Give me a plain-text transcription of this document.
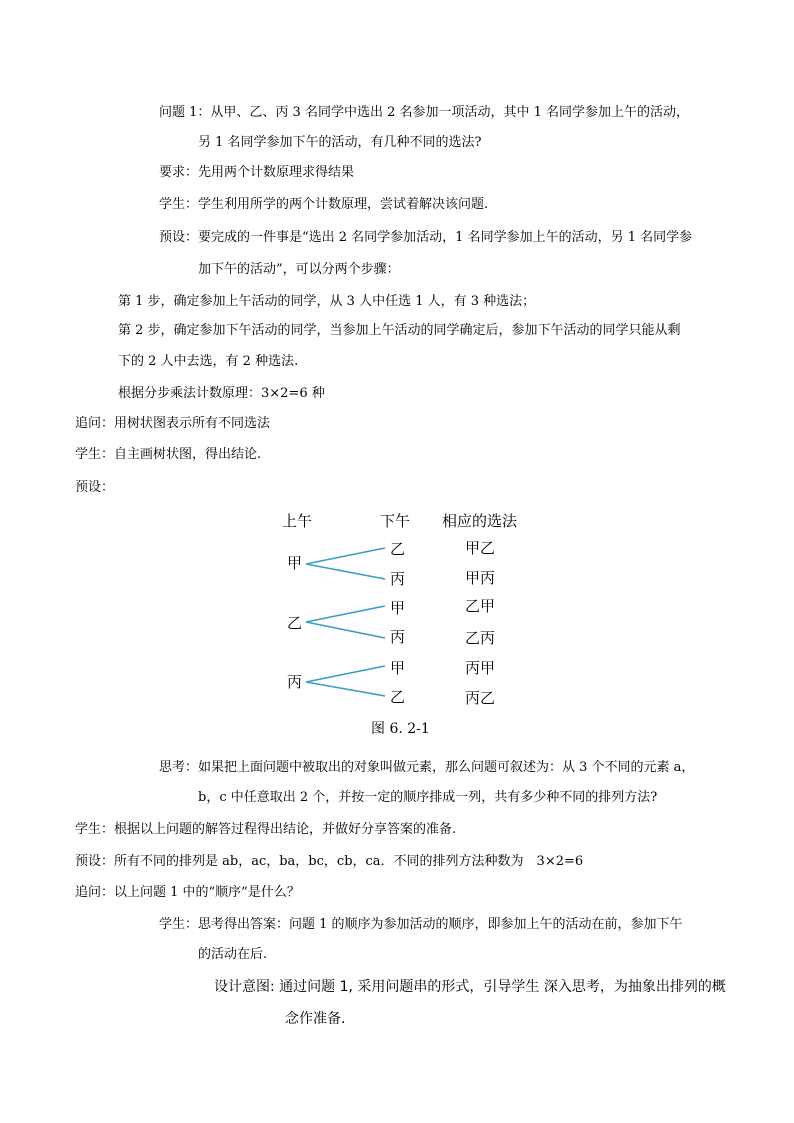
问题 1：从甲、乙、丙 3 名同学中选出 2 名参加一项活动，其中 1 名同学参加上午的活动，
另 1 名同学参加下午的活动，有几种不同的选法?
要求：先用两个计数原理求得结果
学生：学生利用所学的两个计数原理，尝试着解决该问题.
预设：要完成的一件事是“选出 2 名同学参加活动，1 名同学参加上午的活动，另 1 名同学参
加下午的活动”，可以分两个步骤：
第 1 步，确定参加上午活动的同学，从 3 人中任选 1 人，有 3 种选法；
第 2 步，确定参加下午活动的同学，当参加上午活动的同学确定后，参加下午活动的同学只能从剩
下的 2 人中去选，有 2 种选法.
根据分步乘法计数原理：3×2=6 种
追问：用树状图表示所有不同选法
学生：自主画树状图，得出结论.
预设：
上午	下午 相应的选法
甲
乙
丙
甲乙
甲丙
乙
甲
丙
乙甲
乙丙
丙
甲
乙
丙甲
丙乙
图 6. 2-1
思考：如果把上面问题中被取出的对象叫做元素，那么问题可叙述为：从 3 个不同的元素 a，
b，c 中任意取出 2 个，并按一定的顺序排成一列，共有多少种不同的排列方法?
学生：根据以上问题的解答过程得出结论，并做好分享答案的准备.
预设：所有不同的排列是 ab，ac，ba，bc，cb，ca．不同的排列方法种数为　3×2=6
追问：以上问题 1 中的“顺序”是什么？
学生：思考得出答案：问题 1 的顺序为参加活动的顺序，即参加上午的活动在前，参加下午
的活动在后.
设计意图: 通过问题 1, 采用问题串的形式，引导学生 深入思考，为抽象出排列的概
念作准备.
